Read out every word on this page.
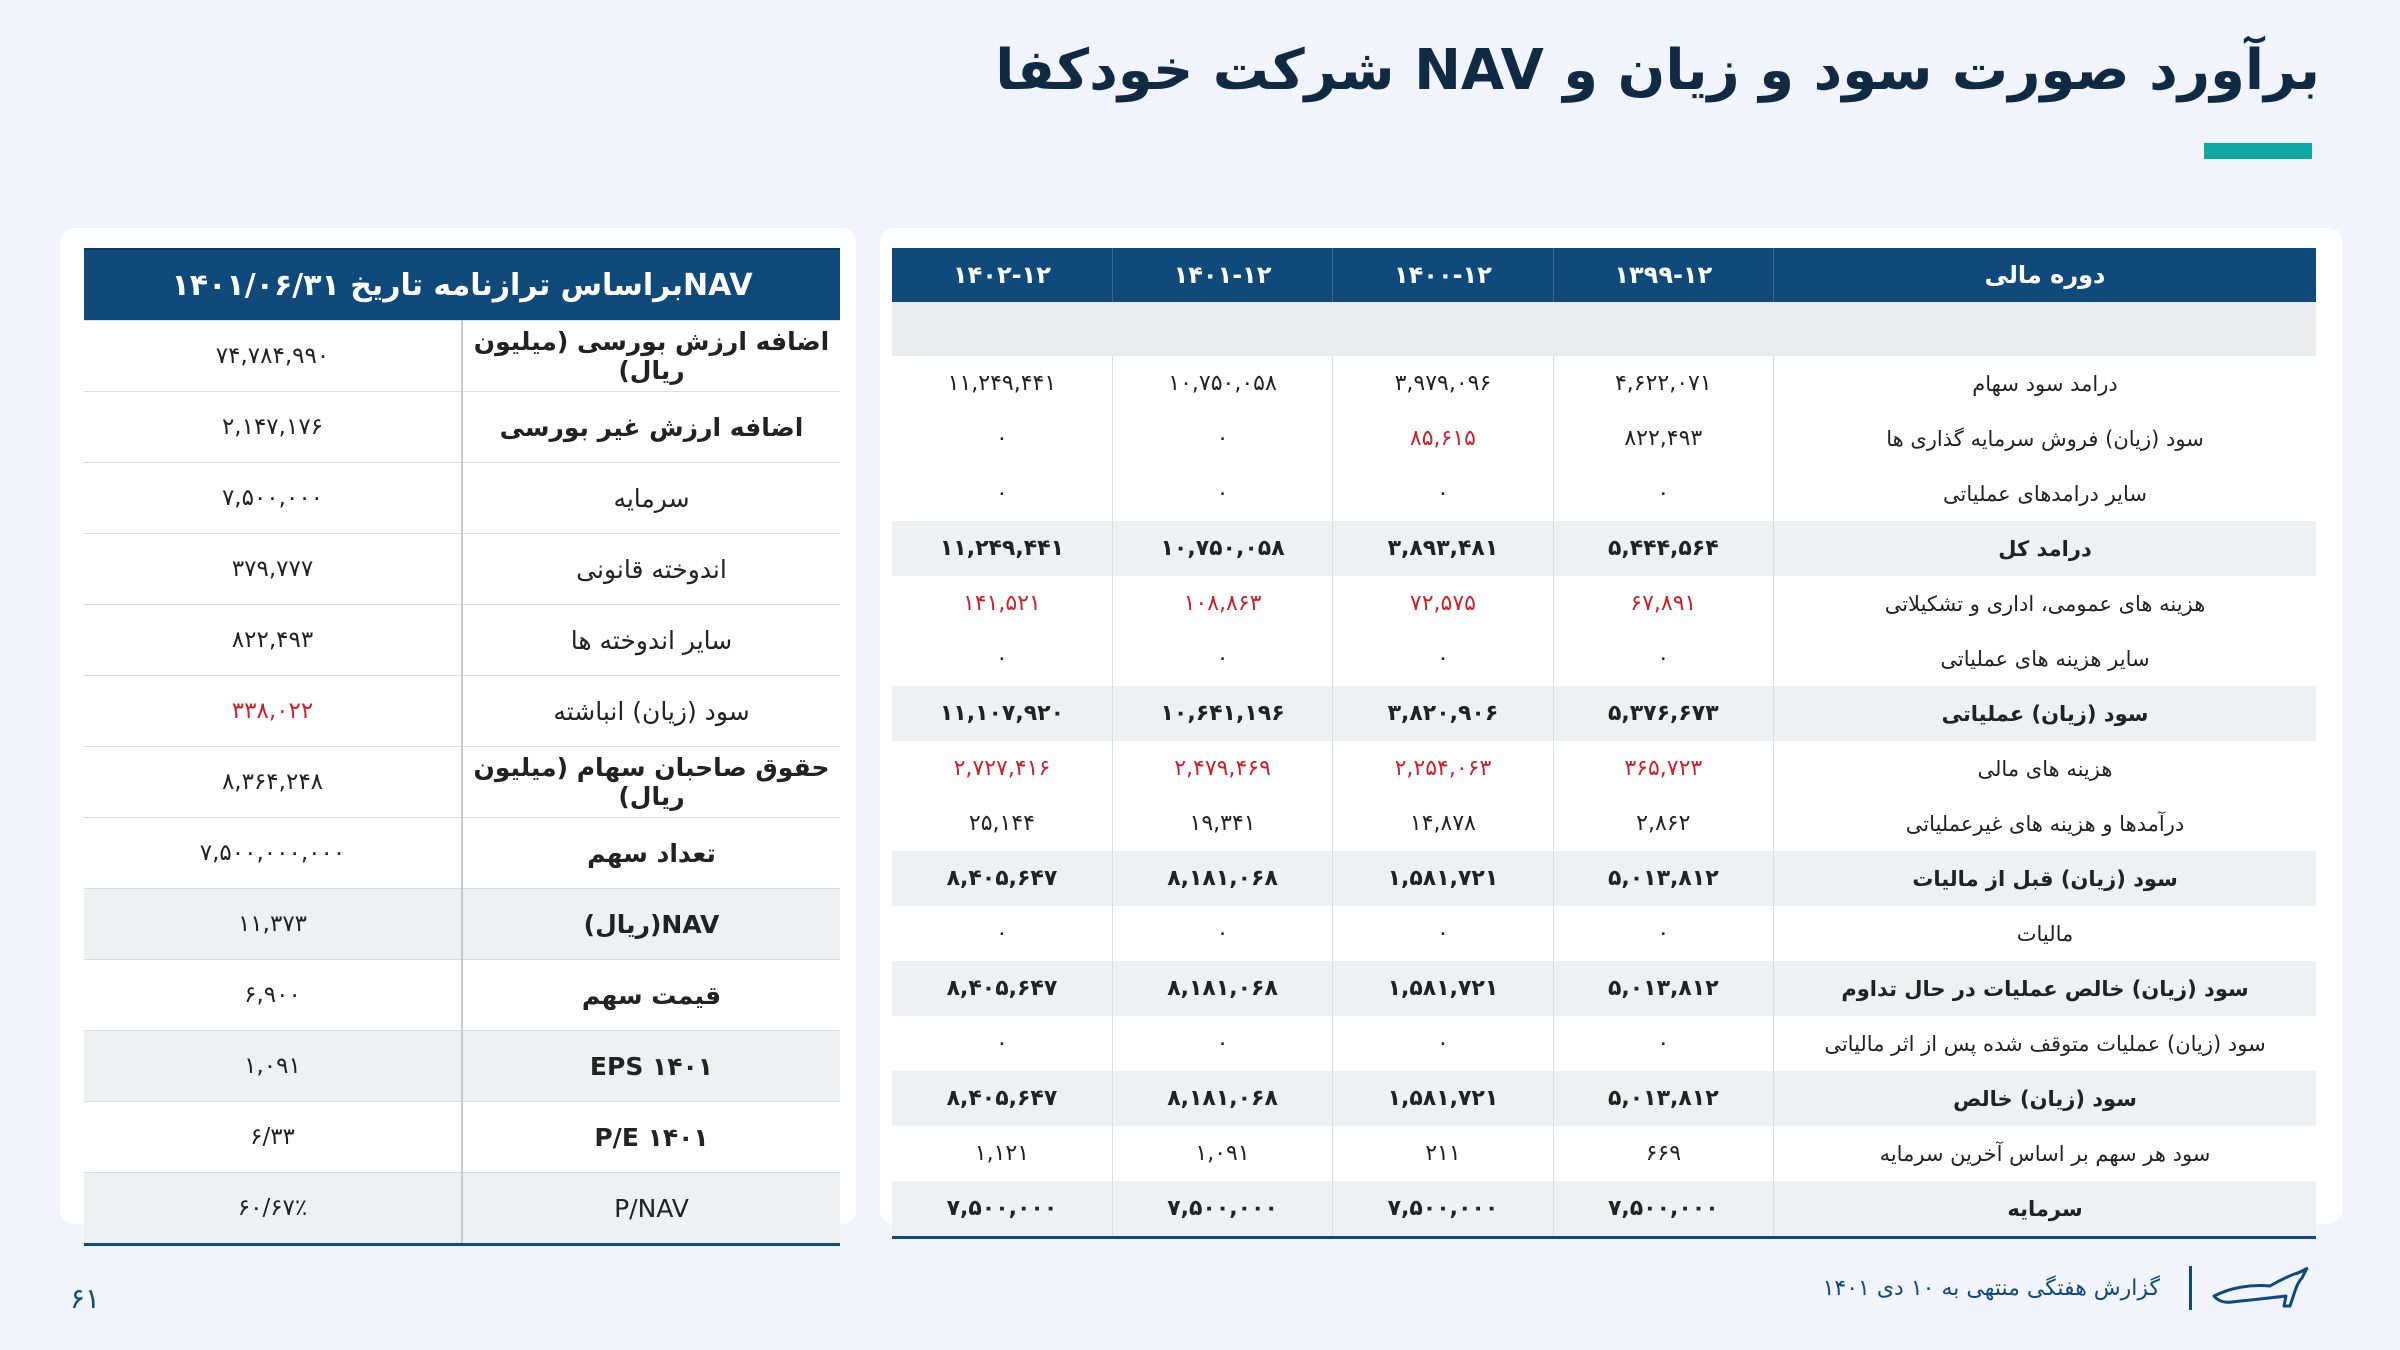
برآورد صورت سود و زیان و NAV شرکت خودکفا
NAVبراساس ترازنامه تاریخ ۱۴۰۱/۰۶/۳۱	
اضافه ارزش بورسی (میلیون ریال)	۷۴,۷۸۴,۹۹۰
اضافه ارزش غیر بورسی	۲,۱۴۷,۱۷۶
سرمایه	۷,۵۰۰,۰۰۰
اندوخته قانونی	۳۷۹,۷۷۷
سایر اندوخته ها	۸۲۲,۴۹۳
سود (زیان) انباشته	۳۳۸,۰۲۲
حقوق صاحبان سهام (میلیون ریال)	۸,۳۶۴,۲۴۸
تعداد سهم	۷,۵۰۰,۰۰۰,۰۰۰
NAV(ریال)	۱۱,۳۷۳
قیمت سهم	۶,۹۰۰
EPS ۱۴۰۱	۱,۰۹۱
P/E ۱۴۰۱	۶/۳۳
P/NAV	۶۰/۶۷٪
دوره مالی	۱۳۹۹-۱۲	۱۴۰۰-۱۲	۱۴۰۱-۱۲	۱۴۰۲-۱۲

درامد سود سهام	۴,۶۲۲,۰۷۱	۳,۹۷۹,۰۹۶	۱۰,۷۵۰,۰۵۸	۱۱,۲۴۹,۴۴۱
سود (زیان) فروش سرمایه گذاری ها	۸۲۲,۴۹۳	۸۵,۶۱۵	۰	۰
سایر درامدهای عملیاتی	۰	۰	۰	۰
درامد کل	۵,۴۴۴,۵۶۴	۳,۸۹۳,۴۸۱	۱۰,۷۵۰,۰۵۸	۱۱,۲۴۹,۴۴۱
هزینه های عمومی، اداری و تشکیلاتی	۶۷,۸۹۱	۷۲,۵۷۵	۱۰۸,۸۶۳	۱۴۱,۵۲۱
سایر هزینه های عملیاتی	۰	۰	۰	۰
سود (زیان) عملیاتی	۵,۳۷۶,۶۷۳	۳,۸۲۰,۹۰۶	۱۰,۶۴۱,۱۹۶	۱۱,۱۰۷,۹۲۰
هزینه های مالی	۳۶۵,۷۲۳	۲,۲۵۴,۰۶۳	۲,۴۷۹,۴۶۹	۲,۷۲۷,۴۱۶
درآمدها و هزینه های غیرعملیاتی	۲,۸۶۲	۱۴,۸۷۸	۱۹,۳۴۱	۲۵,۱۴۴
سود (زیان) قبل از مالیات	۵,۰۱۳,۸۱۲	۱,۵۸۱,۷۲۱	۸,۱۸۱,۰۶۸	۸,۴۰۵,۶۴۷
مالیات	۰	۰	۰	۰
سود (زیان) خالص عملیات در حال تداوم	۵,۰۱۳,۸۱۲	۱,۵۸۱,۷۲۱	۸,۱۸۱,۰۶۸	۸,۴۰۵,۶۴۷
سود (زیان) عملیات متوقف شده پس از اثر مالیاتی	۰	۰	۰	۰
سود (زیان) خالص	۵,۰۱۳,۸۱۲	۱,۵۸۱,۷۲۱	۸,۱۸۱,۰۶۸	۸,۴۰۵,۶۴۷
سود هر سهم بر اساس آخرین سرمایه	۶۶۹	۲۱۱	۱,۰۹۱	۱,۱۲۱
سرمایه	۷,۵۰۰,۰۰۰	۷,۵۰۰,۰۰۰	۷,۵۰۰,۰۰۰	۷,۵۰۰,۰۰۰

۶۱	گزارش هفتگی منتهی به ۱۰ دی ۱۴۰۱
